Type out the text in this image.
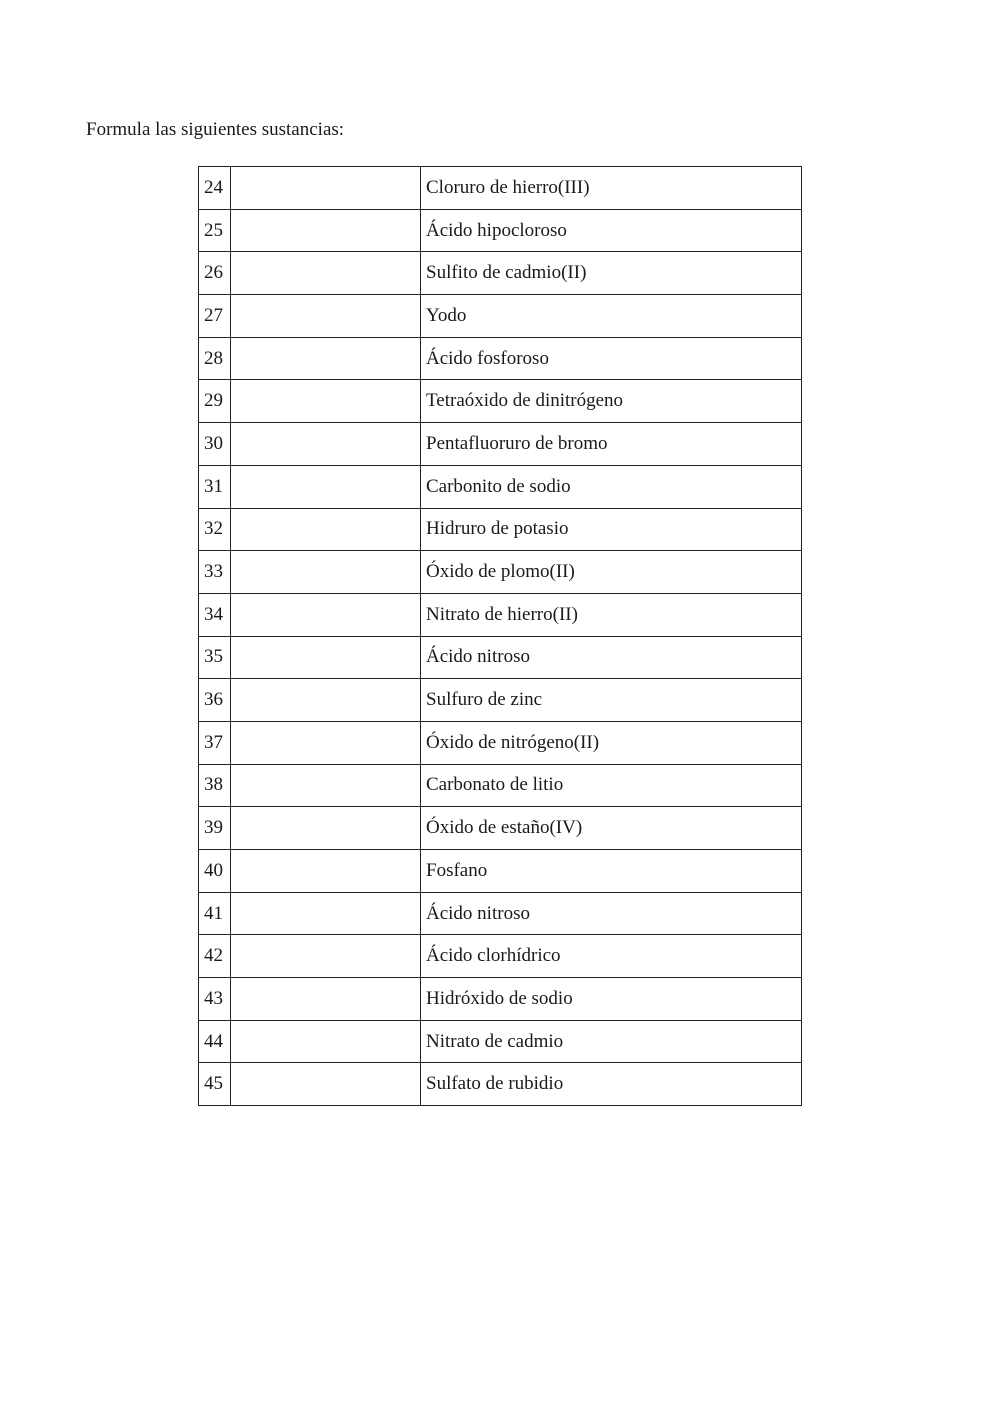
Formula las siguientes sustancias:

24		Cloruro de hierro(III)
25		Ácido hipocloroso
26		Sulfito de cadmio(II)
27		Yodo
28		Ácido fosforoso
29		Tetraóxido de dinitrógeno
30		Pentafluoruro de bromo
31		Carbonito de sodio
32		Hidruro de potasio
33		Óxido de plomo(II)
34		Nitrato de hierro(II)
35		Ácido nitroso
36		Sulfuro de zinc
37		Óxido de nitrógeno(II)
38		Carbonato de litio
39		Óxido de estaño(IV)
40		Fosfano
41		Ácido nitroso
42		Ácido clorhídrico
43		Hidróxido de sodio
44		Nitrato de cadmio
45		Sulfato de rubidio
